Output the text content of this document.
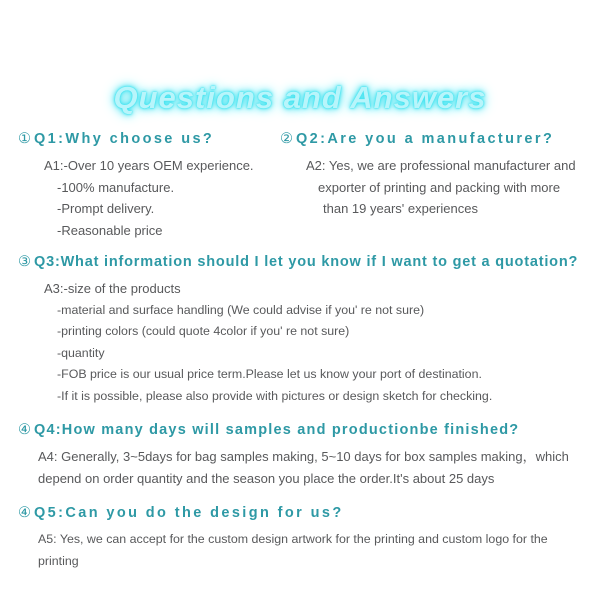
Questions and Answers
① Q1:Why choose us?
A1:-Over 10 years OEM experience.
-100% manufacture.
-Prompt delivery.
-Reasonable price
② Q2:Are you a manufacturer?
A2: Yes, we are professional manufacturer and
exporter of printing and packing with more
than 19 years' experiences
③ Q3:What information should I let you know if I want to get a quotation?
A3:-size of the products
-material and surface handling (We could advise if you' re not sure)
-printing colors (could quote 4color if you' re not sure)
-quantity
-FOB price is our usual price term.Please let us know your port of destination.
-If it is possible, please also provide with pictures or design sketch for checking.
④ Q4:How many days will samples and productionbe finished?
A4: Generally, 3~5days for bag samples making, 5~10 days for box samples making，which
depend on order quantity and the season you place the order.It's about 25 days
④ Q5:Can you do the design for us?
A5: Yes, we can accept for the custom design artwork for the printing and custom logo for the printing
